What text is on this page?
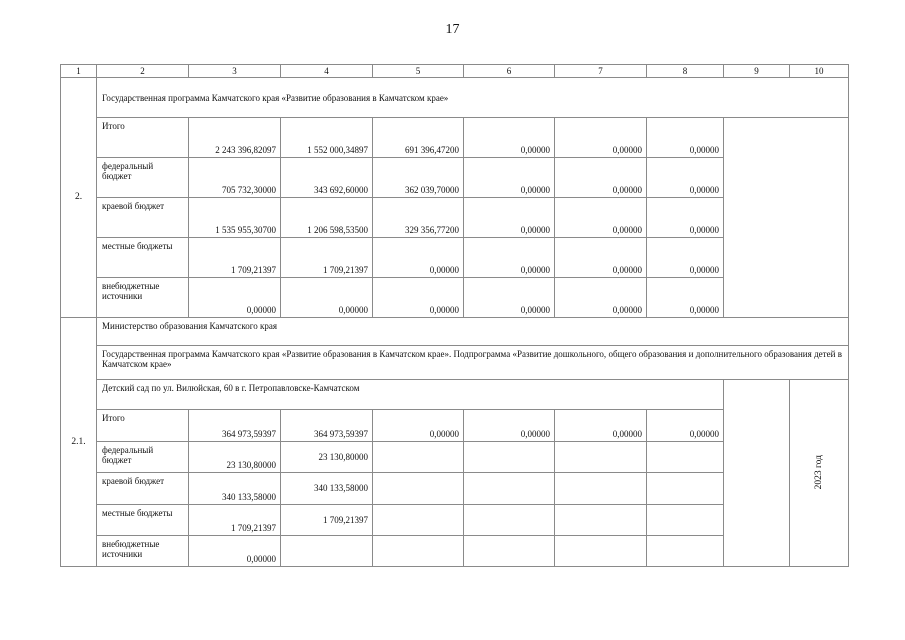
17
1	2	3	4	5	6	7	8	9	10
2.	Государственная программа Камчатского края «Развитие образования в Камчатском крае»								
	Итого	2 243 396,82097	1 552 000,34897	691 396,47200	0,00000	0,00000	0,00000		
	федеральный бюджет	705 732,30000	343 692,60000	362 039,70000	0,00000	0,00000	0,00000		
	краевой бюджет	1 535 955,30700	1 206 598,53500	329 356,77200	0,00000	0,00000	0,00000		
	местные бюджеты	1 709,21397	1 709,21397	0,00000	0,00000	0,00000	0,00000		
	внебюджетные источники	0,00000	0,00000	0,00000	0,00000	0,00000	0,00000		
2.1.	Министерство образования Камчатского края								
	Государственная программа Камчатского края «Развитие образования в Камчатском крае». Подпрограмма «Развитие дошкольного, общего образования и дополнительного образования детей в Камчатском крае»								
	Детский сад по ул. Вилюйская, 60 в г. Петропавловске-Камчатском								2023 год
	Итого	364 973,59397	364 973,59397	0,00000	0,00000	0,00000	0,00000		
	федеральный бюджет	23 130,80000	23 130,80000						
	краевой бюджет	340 133,58000	340 133,58000						
	местные бюджеты	1 709,21397	1 709,21397						
	внебюджетные источники	0,00000							
